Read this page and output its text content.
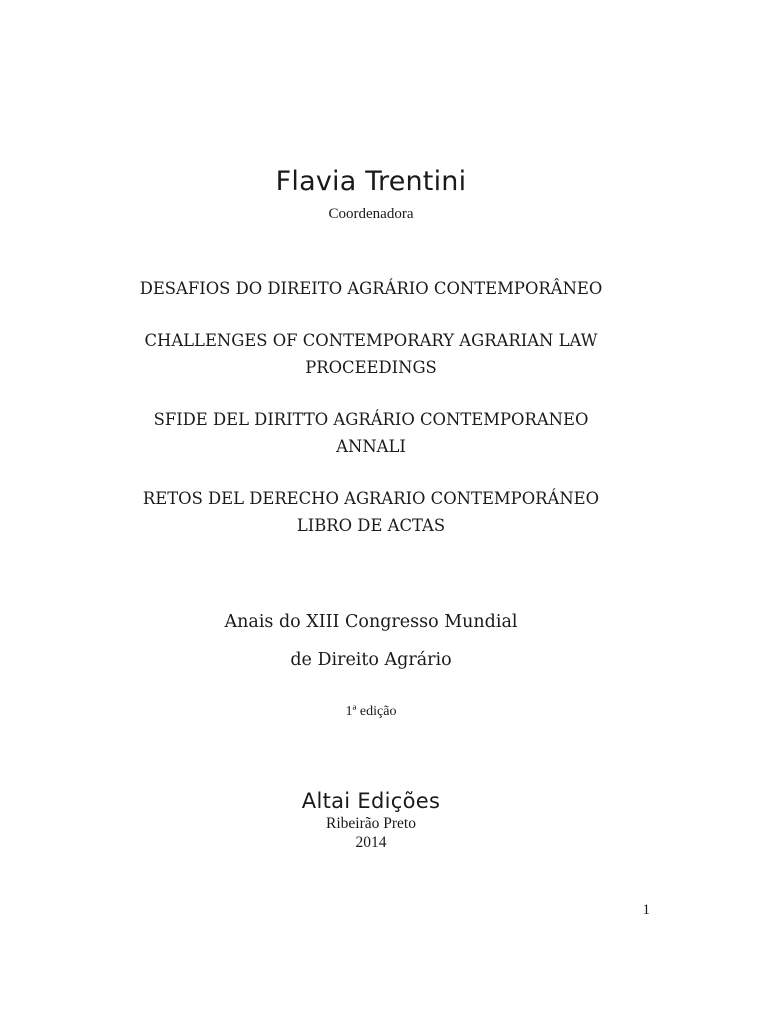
Flavia Trentini
Coordenadora
DESAFIOS DO DIREITO AGRÁRIO CONTEMPORÂNEO
CHALLENGES OF CONTEMPORARY AGRARIAN LAW
PROCEEDINGS
SFIDE DEL DIRITTO AGRÁRIO CONTEMPORANEO
ANNALI
RETOS DEL DERECHO AGRARIO CONTEMPORÁNEO
LIBRO DE ACTAS
Anais do XIII Congresso Mundial
de Direito Agrário
1ª edição
Altai Edições
Ribeirão Preto
2014
1
